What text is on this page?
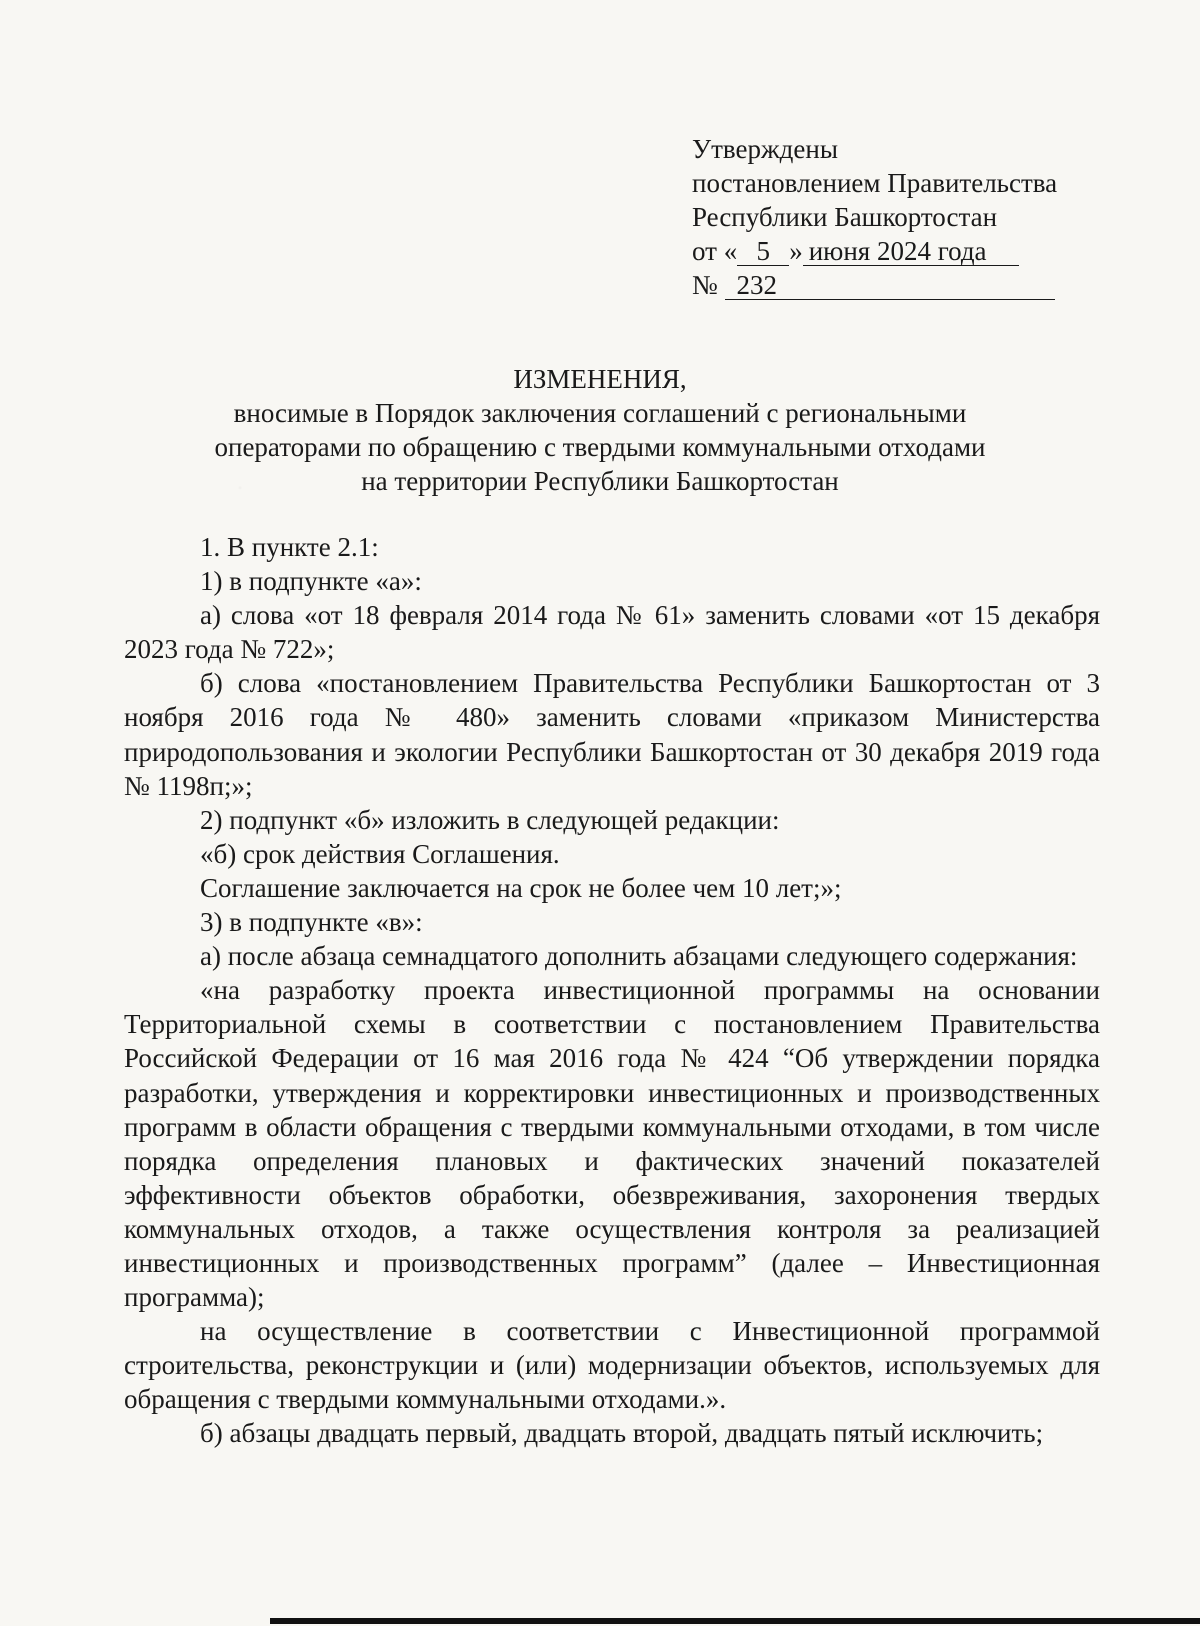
Утверждены
постановлением Правительства
Республики Башкортостан
от « 5 » июня 2024 года
№ 232
ИЗМЕНЕНИЯ,
вносимые в Порядок заключения соглашений с региональными
операторами по обращению с твердыми коммунальными отходами
на территории Республики Башкортостан

1. В пункте 2.1:

1) в подпункте «а»:

а) слова «от 18 февраля 2014 года № 61» заменить словами «от 15 декабря 2023 года № 722»;

б) слова «постановлением Правительства Республики Башкортостан от 3 ноября 2016 года № 480» заменить словами «приказом Министерства природопользования и экологии Республики Башкортостан от 30 декабря 2019 года № 1198п;»;

2) подпункт «б» изложить в следующей редакции:

«б) срок действия Соглашения.

Соглашение заключается на срок не более чем 10 лет;»;

3) в подпункте «в»:

а) после абзаца семнадцатого дополнить абзацами следующего содержания:

«на разработку проекта инвестиционной программы на основании Территориальной схемы в соответствии с постановлением Правительства Российской Федерации от 16 мая 2016 года № 424 “Об утверждении порядка разработки, утверждения и корректировки инвестиционных и производственных программ в области обращения с твердыми коммунальными отходами, в том числе порядка определения плановых и фактических значений показателей эффективности объектов обработки, обезвреживания, захоронения твердых коммунальных отходов, а также осуществления контроля за реализацией инвестиционных и производственных программ” (далее – Инвестиционная программа);

на осуществление в соответствии с Инвестиционной программой строительства, реконструкции и (или) модернизации объектов, используемых для обращения с твердыми коммунальными отходами.».

б) абзацы двадцать первый, двадцать второй, двадцать пятый исключить;
